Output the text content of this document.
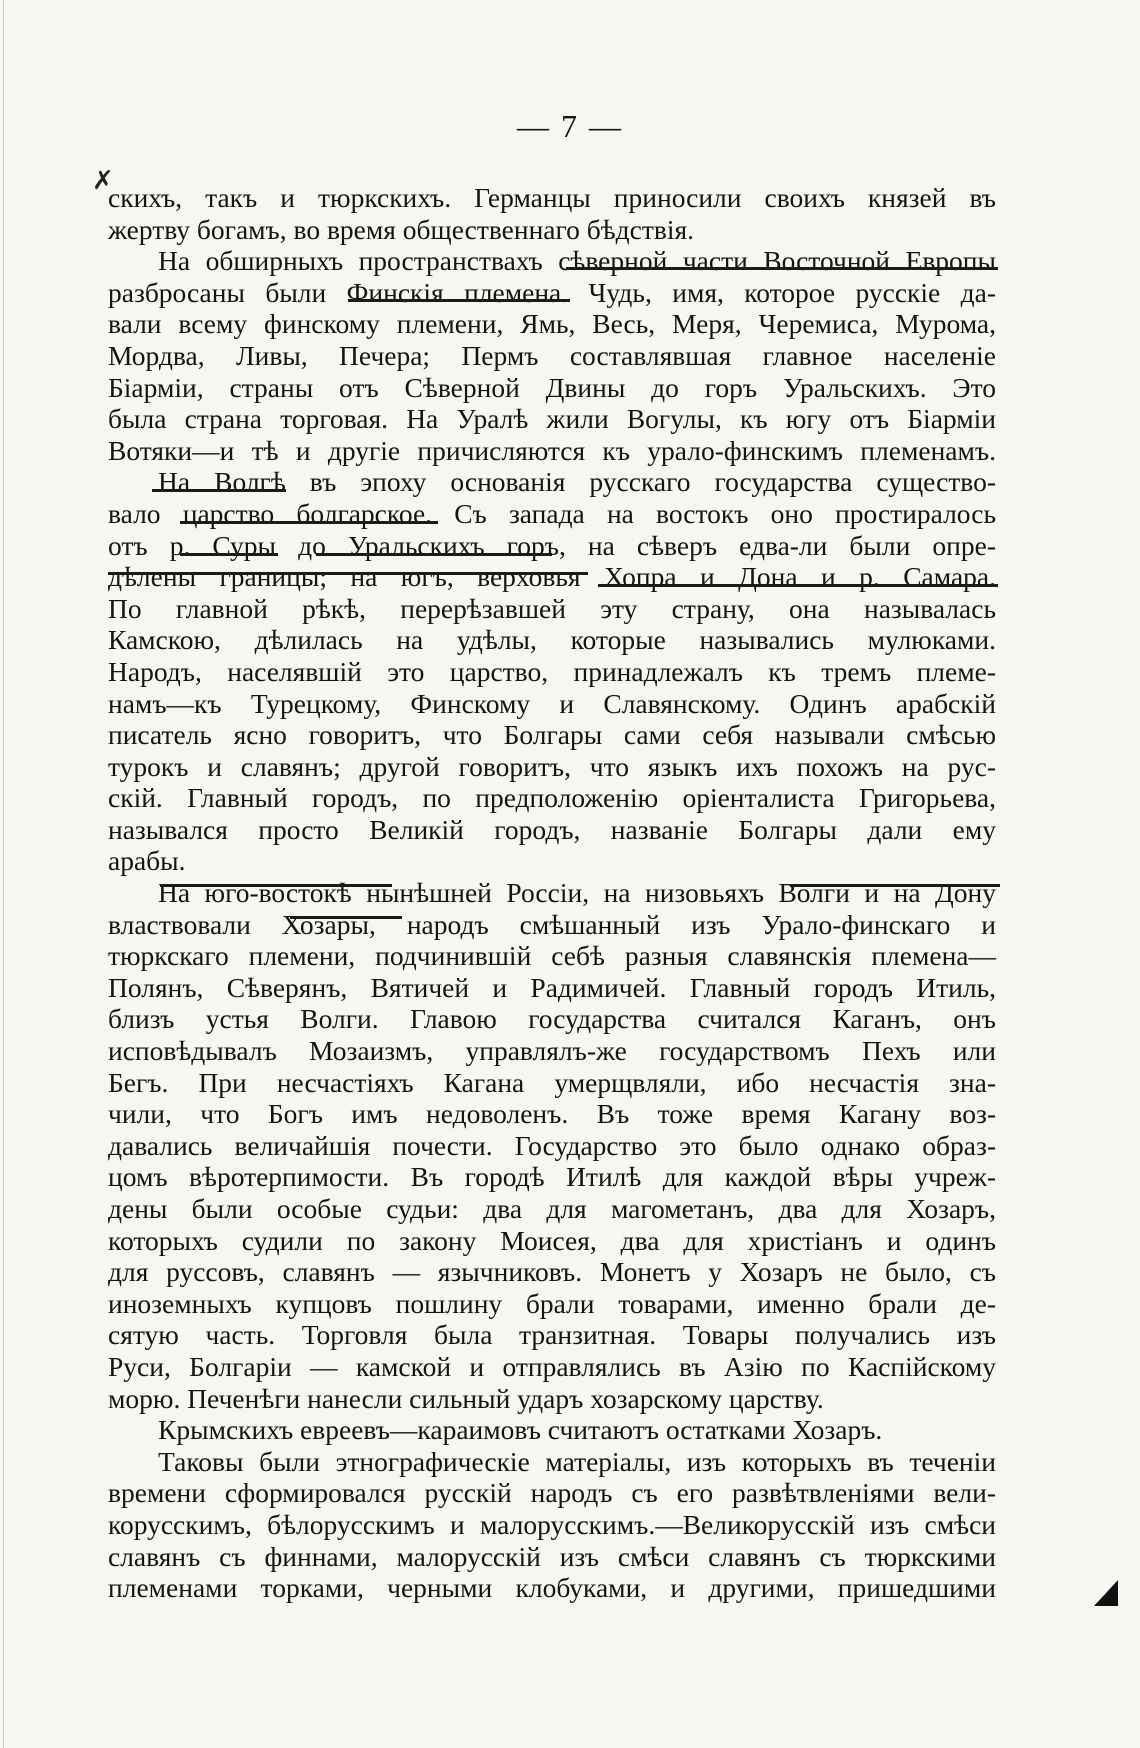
— 7 —
✗
скихъ, такъ и тюркскихъ. Германцы приносили своихъ князей въ
жертву богамъ, во время общественнаго бѣдствія.
На обширныхъ пространствахъ сѣверной части Восточной Европы
разбросаны были Финскія племена. Чудь, имя, которое русскіе да-
вали всему финскому племени, Ямь, Весь, Меря, Черемиса, Мурома,
Мордва, Ливы, Печера; Пермъ составлявшая главное населеніе
Біарміи, страны отъ Сѣверной Двины до горъ Уральскихъ. Это
была страна торговая. На Уралѣ жили Вогулы, къ югу отъ Біарміи
Вотяки—и тѣ и другіе причисляются къ урало-финскимъ племенамъ.
На Волгѣ въ эпоху основанія русскаго государства существо-
вало царство болгарское. Съ запада на востокъ оно простиралось
отъ р. Суры до Уральскихъ горъ, на сѣверъ едва-ли были опре-
дѣлены границы; на югъ, верховья Хопра и Дона и р. Самара.
По главной рѣкѣ, перерѣзавшей эту страну, она называлась
Камскою, дѣлилась на удѣлы, которые назывались мулюками.
Народъ, населявшій это царство, принадлежалъ къ тремъ племе-
намъ—къ Турецкому, Финскому и Славянскому. Одинъ арабскій
писатель ясно говоритъ, что Болгары сами себя называли смѣсью
турокъ и славянъ; другой говоритъ, что языкъ ихъ похожъ на рус-
скій. Главный городъ, по предположенію оріенталиста Григорьева,
назывался просто Великій городъ, названіе Болгары дали ему
арабы.
На юго-востокѣ нынѣшней Россіи, на низовьяхъ Волги и на Дону
властвовали Хозары, народъ смѣшанный изъ Урало-финскаго и
тюркскаго племени, подчинившій себѣ разныя славянскія племена—
Полянъ, Сѣверянъ, Вятичей и Радимичей. Главный городъ Итиль,
близъ устья Волги. Главою государства считался Каганъ, онъ
исповѣдывалъ Мозаизмъ, управлялъ-же государствомъ Пехъ или
Бегъ. При несчастіяхъ Кагана умерщвляли, ибо несчастія зна-
чили, что Богъ имъ недоволенъ. Въ тоже время Кагану воз-
давались величайшія почести. Государство это было однако образ-
цомъ вѣротерпимости. Въ городѣ Итилѣ для каждой вѣры учреж-
дены были особые судьи: два для магометанъ, два для Хозаръ,
которыхъ судили по закону Моисея, два для христіанъ и одинъ
для руссовъ, славянъ — язычниковъ. Монетъ у Хозаръ не было, съ
иноземныхъ купцовъ пошлину брали товарами, именно брали де-
сятую часть. Торговля была транзитная. Товары получались изъ
Руси, Болгаріи — камской и отправлялись въ Азію по Каспійскому
морю. Печенѣги нанесли сильный ударъ хозарскому царству.
Крымскихъ евреевъ—караимовъ считаютъ остатками Хозаръ.
Таковы были этнографическіе матеріалы, изъ которыхъ въ теченіи
времени сформировался русскій народъ съ его развѣтвленіями вели-
корусскимъ, бѣлорусскимъ и малорусскимъ.—Великорусскій изъ смѣси
славянъ съ финнами, малорусскій изъ смѣси славянъ съ тюркскими
племенами торками, черными клобуками, и другими, пришедшими
